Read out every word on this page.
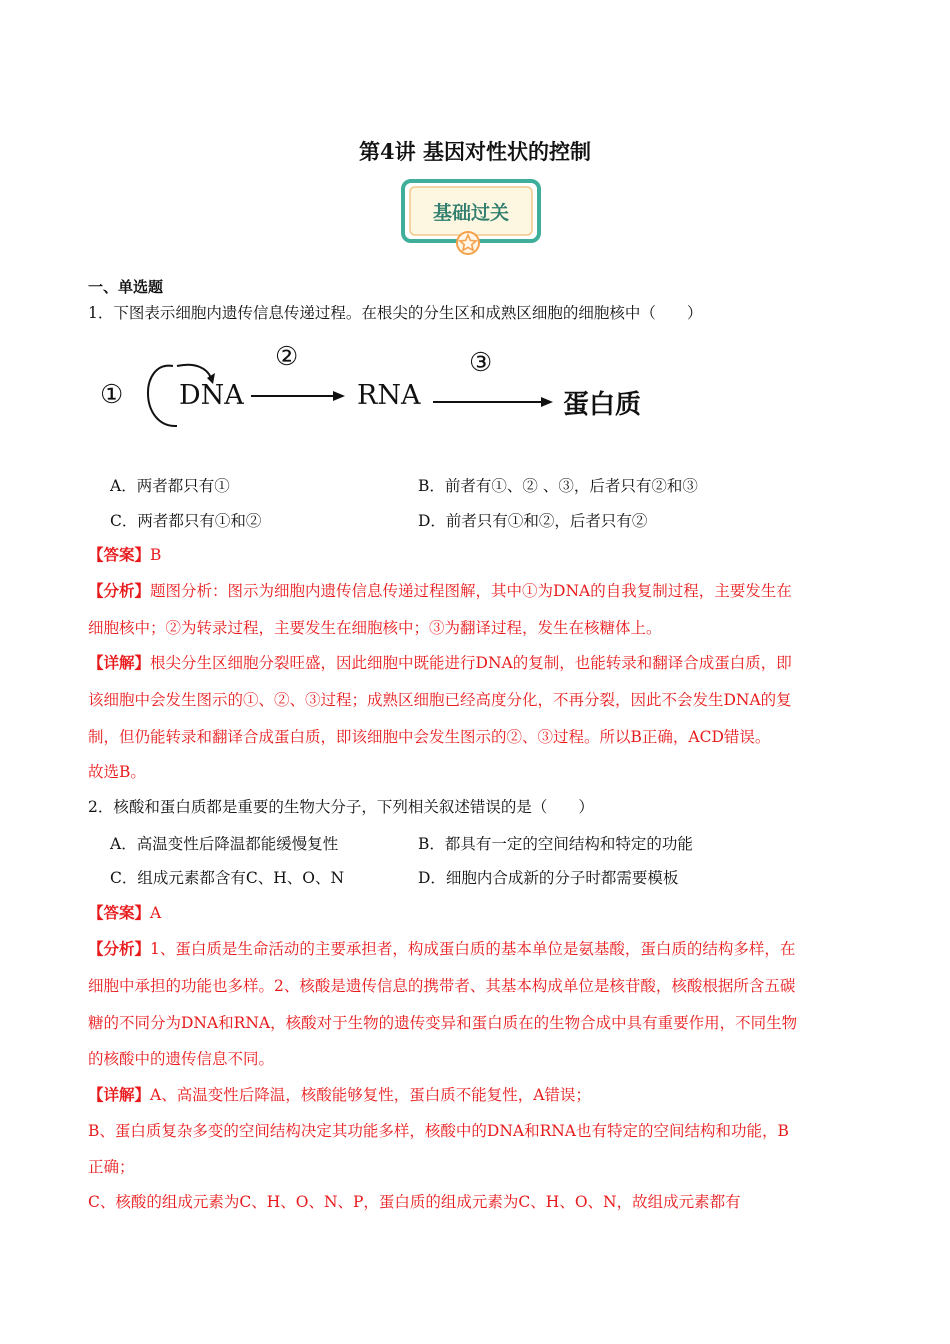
第4讲 基因对性状的控制
基础过关
一、单选题
1．下图表示细胞内遗传信息传递过程。在根尖的分生区和成熟区细胞的细胞核中（　　）
①
②	③
DNA	RNA	蛋白质
A．两者都只有①	B．前者有①、② 、③，后者只有②和③
C．两者都只有①和②	D．前者只有①和②，后者只有②
【答案】B
【分析】题图分析：图示为细胞内遗传信息传递过程图解，其中①为DNA的自我复制过程，主要发生在
细胞核中；②为转录过程，主要发生在细胞核中；③为翻译过程，发生在核糖体上。
【详解】根尖分生区细胞分裂旺盛，因此细胞中既能进行DNA的复制，也能转录和翻译合成蛋白质，即
该细胞中会发生图示的①、②、③过程；成熟区细胞已经高度分化，不再分裂，因此不会发生DNA的复
制，但仍能转录和翻译合成蛋白质，即该细胞中会发生图示的②、③过程。所以B正确，ACD错误。
故选B。
2．核酸和蛋白质都是重要的生物大分子，下列相关叙述错误的是（　　）
A．高温变性后降温都能缓慢复性	B．都具有一定的空间结构和特定的功能
C．组成元素都含有C、H、O、N	D．细胞内合成新的分子时都需要模板
【答案】A
【分析】1、蛋白质是生命活动的主要承担者，构成蛋白质的基本单位是氨基酸，蛋白质的结构多样，在
细胞中承担的功能也多样。2、核酸是遗传信息的携带者、其基本构成单位是核苷酸，核酸根据所含五碳
糖的不同分为DNA和RNA，核酸对于生物的遗传变异和蛋白质在的生物合成中具有重要作用，不同生物
的核酸中的遗传信息不同。
【详解】A、高温变性后降温，核酸能够复性，蛋白质不能复性，A错误；
B、蛋白质复杂多变的空间结构决定其功能多样，核酸中的DNA和RNA也有特定的空间结构和功能，B
正确；
C、核酸的组成元素为C、H、O、N、P，蛋白质的组成元素为C、H、O、N，故组成元素都有
